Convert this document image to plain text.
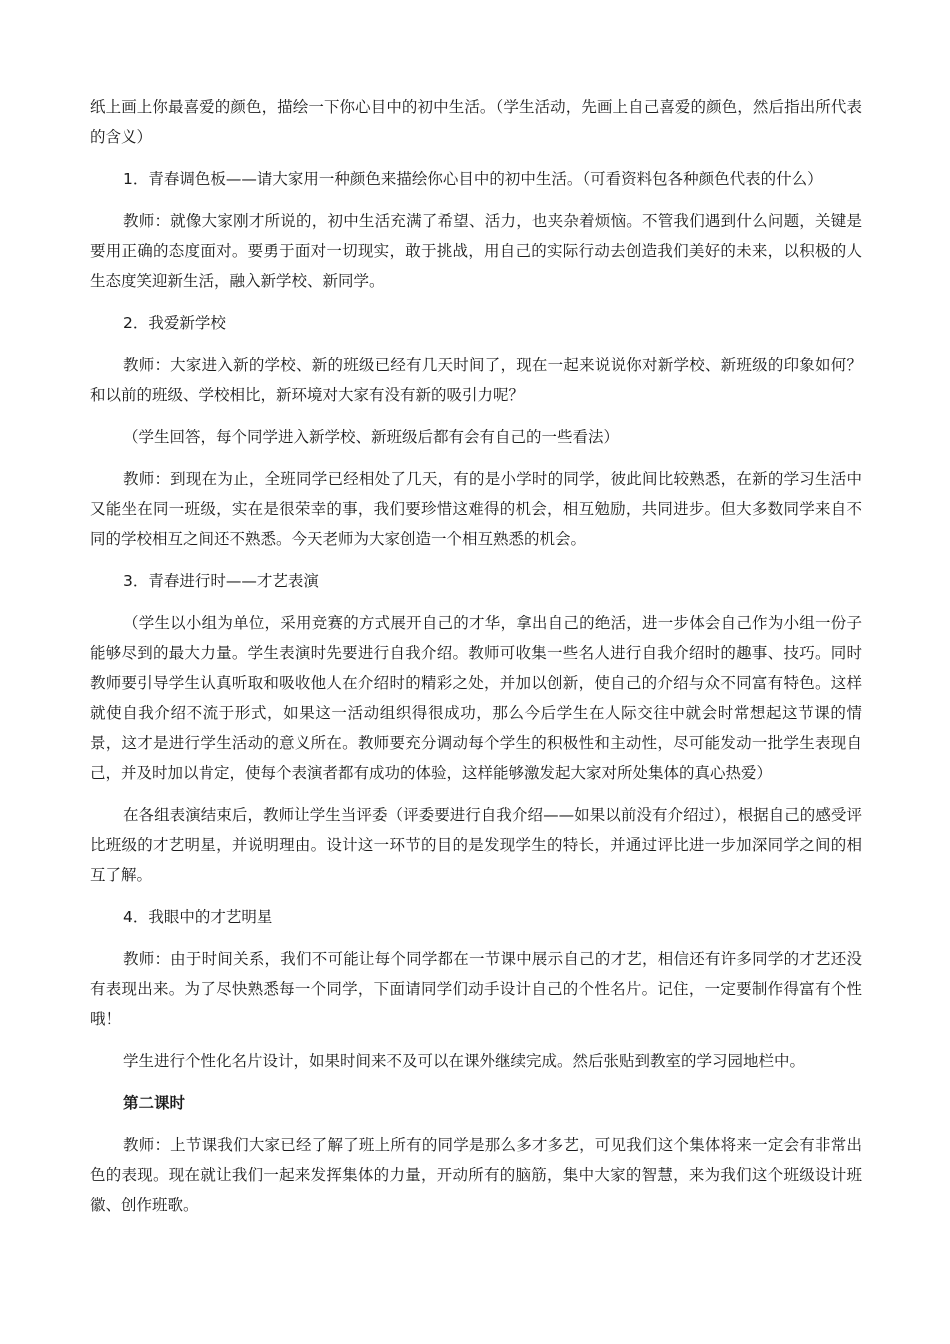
纸上画上你最喜爱的颜色，描绘一下你心目中的初中生活。（学生活动，先画上自己喜爱的颜色，然后指出所代表的含义）

1．青春调色板——请大家用一种颜色来描绘你心目中的初中生活。（可看资料包各种颜色代表的什么）

教师：就像大家刚才所说的，初中生活充满了希望、活力，也夹杂着烦恼。不管我们遇到什么问题，关键是要用正确的态度面对。要勇于面对一切现实，敢于挑战，用自己的实际行动去创造我们美好的未来，以积极的人生态度笑迎新生活，融入新学校、新同学。

2．我爱新学校

教师：大家进入新的学校、新的班级已经有几天时间了，现在一起来说说你对新学校、新班级的印象如何？和以前的班级、学校相比，新环境对大家有没有新的吸引力呢？

（学生回答，每个同学进入新学校、新班级后都有会有自己的一些看法）

教师：到现在为止，全班同学已经相处了几天，有的是小学时的同学，彼此间比较熟悉，在新的学习生活中又能坐在同一班级，实在是很荣幸的事，我们要珍惜这难得的机会，相互勉励，共同进步。但大多数同学来自不同的学校相互之间还不熟悉。今天老师为大家创造一个相互熟悉的机会。

3．青春进行时——才艺表演

（学生以小组为单位，采用竞赛的方式展开自己的才华，拿出自己的绝活，进一步体会自己作为小组一份子能够尽到的最大力量。学生表演时先要进行自我介绍。教师可收集一些名人进行自我介绍时的趣事、技巧。同时教师要引导学生认真听取和吸收他人在介绍时的精彩之处，并加以创新，使自己的介绍与众不同富有特色。这样就使自我介绍不流于形式，如果这一活动组织得很成功，那么今后学生在人际交往中就会时常想起这节课的情景，这才是进行学生活动的意义所在。教师要充分调动每个学生的积极性和主动性，尽可能发动一批学生表现自己，并及时加以肯定，使每个表演者都有成功的体验，这样能够激发起大家对所处集体的真心热爱）

在各组表演结束后，教师让学生当评委（评委要进行自我介绍——如果以前没有介绍过），根据自己的感受评比班级的才艺明星，并说明理由。设计这一环节的目的是发现学生的特长，并通过评比进一步加深同学之间的相互了解。

4．我眼中的才艺明星

教师：由于时间关系，我们不可能让每个同学都在一节课中展示自己的才艺，相信还有许多同学的才艺还没有表现出来。为了尽快熟悉每一个同学，下面请同学们动手设计自己的个性名片。记住，一定要制作得富有个性哦！

学生进行个性化名片设计，如果时间来不及可以在课外继续完成。然后张贴到教室的学习园地栏中。

第二课时

教师：上节课我们大家已经了解了班上所有的同学是那么多才多艺，可见我们这个集体将来一定会有非常出色的表现。现在就让我们一起来发挥集体的力量，开动所有的脑筋，集中大家的智慧，来为我们这个班级设计班徽、创作班歌。
